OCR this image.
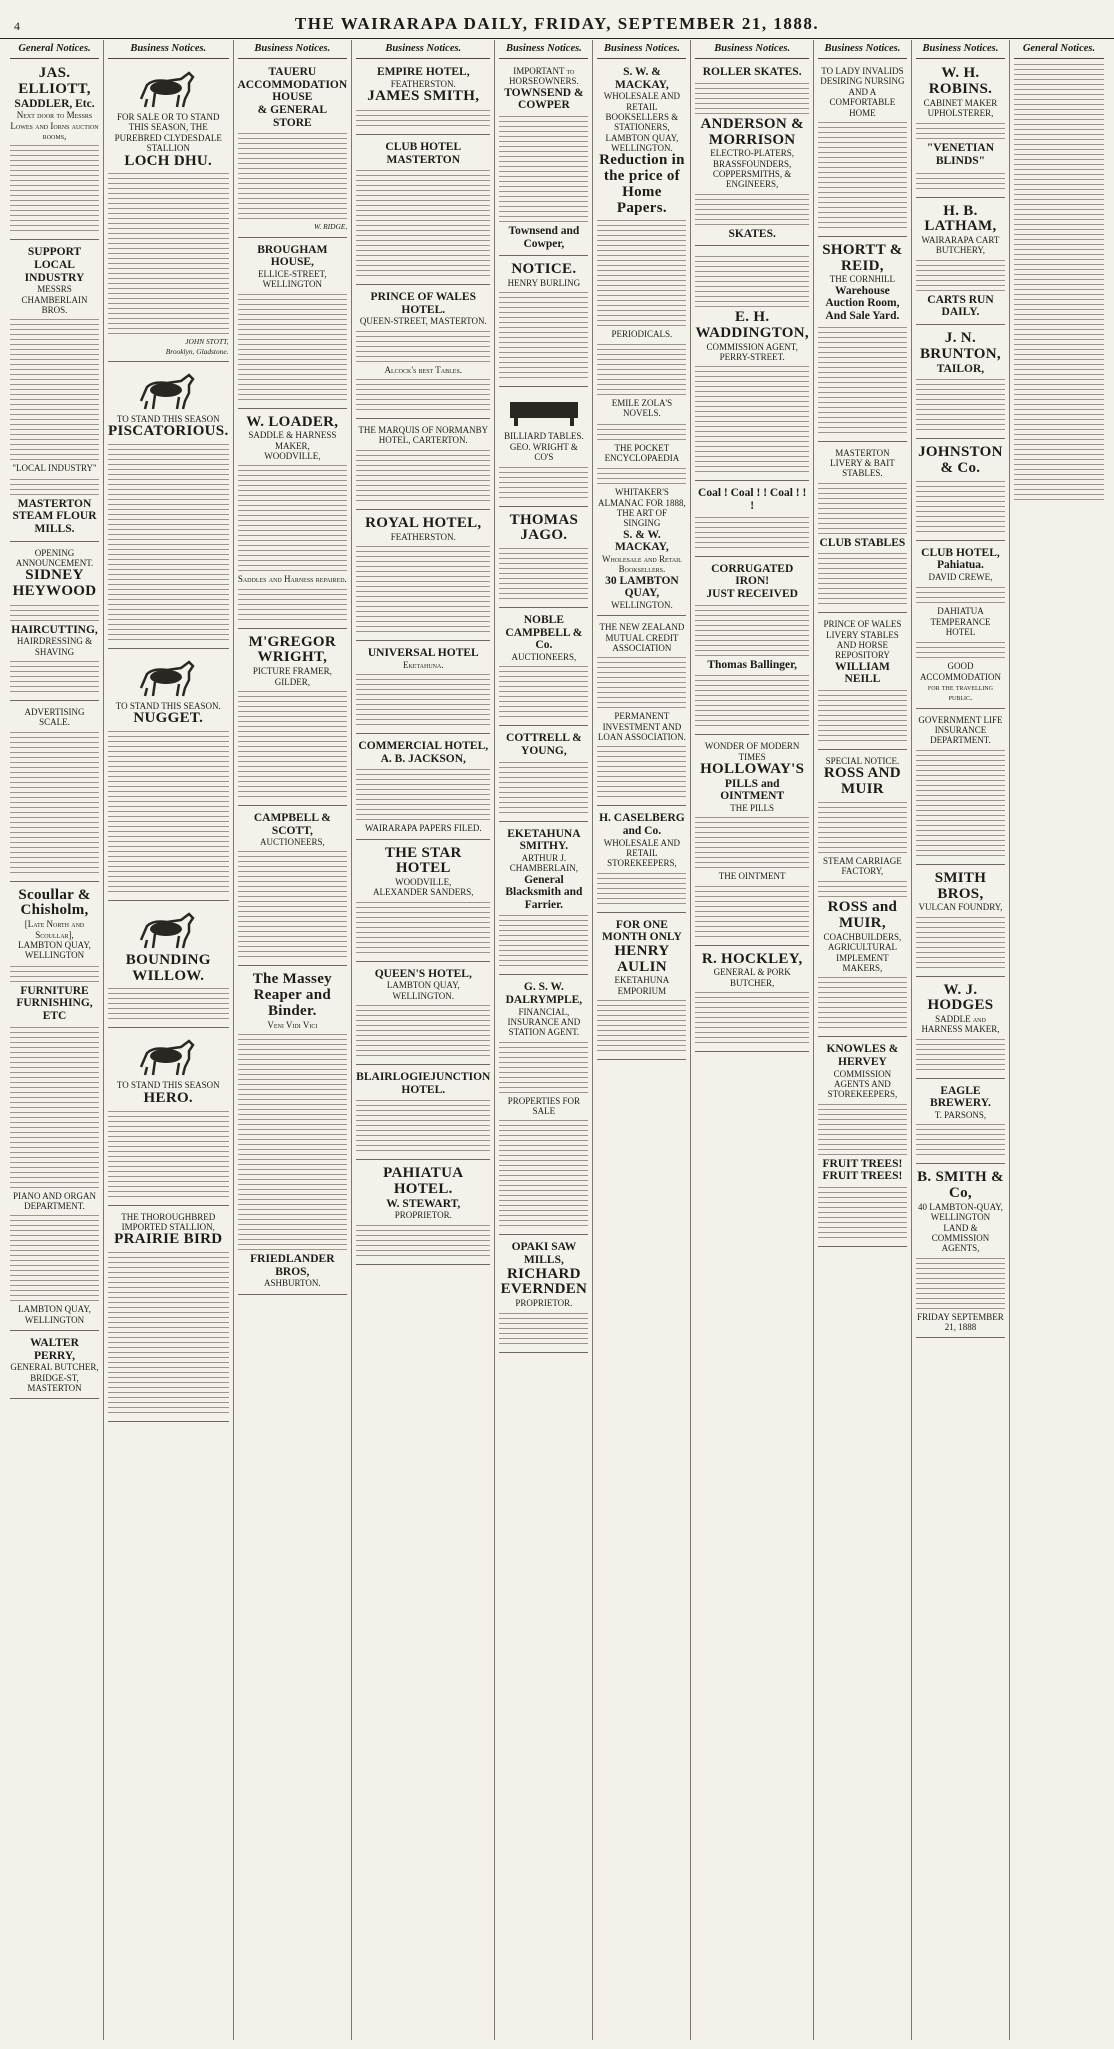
4	THE WAIRARAPA DAILY, FRIDAY, SEPTEMBER 21, 1888.
General Notices.
JAS. ELLIOTT,
SADDLER, Etc.
Next door to Messrs Lowes and Iorns auction rooms,
SUPPORT LOCAL INDUSTRY
MESSRS CHAMBERLAIN BROS.
"LOCAL INDUSTRY"
MASTERTON STEAM FLOUR MILLS.
OPENING ANNOUNCEMENT.
SIDNEY HEYWOOD
HAIRCUTTING,
HAIRDRESSING & SHAVING
ADVERTISING SCALE.
Scoullar & Chisholm,
[Late North and Scoullar],
LAMBTON QUAY, WELLINGTON
FURNITURE FURNISHING, ETC
PIANO AND ORGAN DEPARTMENT.
LAMBTON QUAY, WELLINGTON
WALTER PERRY,
GENERAL BUTCHER,
BRIDGE-ST, MASTERTON
Business Notices.
FOR SALE OR TO STAND THIS SEASON, THE PUREBRED CLYDESDALE STALLION
LOCH DHU.
JOHN STOTT,
Brooklyn, Gladstone.
TO STAND THIS SEASON
PISCATORIOUS.
TO STAND THIS SEASON.
NUGGET.
BOUNDING WILLOW.
TO STAND THIS SEASON
HERO.
THE THOROUGHBRED IMPORTED STALLION,
PRAIRIE BIRD
Business Notices.
TAUERU ACCOMMODATION HOUSE
& GENERAL STORE
W. RIDGE,
BROUGHAM HOUSE,
ELLICE-STREET, WELLINGTON
W. LOADER,
SADDLE & HARNESS MAKER,
WOODVILLE,
Saddles and Harness repaired.
M'GREGOR WRIGHT,
PICTURE FRAMER, GILDER,
CAMPBELL & SCOTT,
AUCTIONEERS,
The Massey Reaper and Binder.
Veni Vidi Vici
FRIEDLANDER BROS,
ASHBURTON.
Business Notices.
EMPIRE HOTEL,
FEATHERSTON.
JAMES SMITH,
CLUB HOTEL MASTERTON
PRINCE OF WALES HOTEL.
QUEEN-STREET, MASTERTON.
Alcock's best Tables.
THE MARQUIS OF NORMANBY HOTEL, CARTERTON.
ROYAL HOTEL,
FEATHERSTON.
UNIVERSAL HOTEL
Eketahuna.
COMMERCIAL HOTEL,
A. B. JACKSON,
WAIRARAPA PAPERS FILED.
THE STAR HOTEL
WOODVILLE,
ALEXANDER SANDERS,
QUEEN'S HOTEL,
LAMBTON QUAY, WELLINGTON.
BLAIRLOGIEJUNCTION HOTEL.
PAHIATUA HOTEL.
W. STEWART,
PROPRIETOR.
Business Notices.
IMPORTANT to HORSEOWNERS.
TOWNSEND & COWPER
Townsend and Cowper,
NOTICE.
HENRY BURLING
BILLIARD TABLES.
GEO. WRIGHT & CO'S
THOMAS JAGO.
NOBLE CAMPBELL & Co.
AUCTIONEERS,
COTTRELL & YOUNG,
EKETAHUNA SMITHY.
ARTHUR J. CHAMBERLAIN,
General Blacksmith and Farrier.
G. S. W. DALRYMPLE,
FINANCIAL, INSURANCE AND STATION AGENT.
PROPERTIES FOR SALE
OPAKI SAW MILLS,
RICHARD EVERNDEN
PROPRIETOR.
Business Notices.
S. W. & MACKAY,
WHOLESALE AND RETAIL BOOKSELLERS & STATIONERS,
LAMBTON QUAY, WELLINGTON.
Reduction in the price of Home Papers.
PERIODICALS.
EMILE ZOLA'S NOVELS.
THE POCKET ENCYCLOPAEDIA
WHITAKER'S ALMANAC FOR 1888,
THE ART OF SINGING
S. & W. MACKAY,
Wholesale and Retail Booksellers.
30 LAMBTON QUAY,
WELLINGTON.
THE NEW ZEALAND MUTUAL CREDIT ASSOCIATION
PERMANENT INVESTMENT AND LOAN ASSOCIATION.
H. CASELBERG and Co.
WHOLESALE AND RETAIL STOREKEEPERS,
FOR ONE MONTH ONLY
HENRY AULIN
EKETAHUNA EMPORIUM
Business Notices.
ROLLER SKATES.
ANDERSON &
MORRISON
ELECTRO-PLATERS, BRASSFOUNDERS, COPPERSMITHS, & ENGINEERS,
SKATES.
E. H. WADDINGTON,
COMMISSION AGENT,
PERRY-STREET.
Coal ! Coal ! ! Coal ! ! !
CORRUGATED IRON!
JUST RECEIVED
Thomas Ballinger,
WONDER OF MODERN TIMES
HOLLOWAY'S
PILLS and OINTMENT
THE PILLS
THE OINTMENT
R. HOCKLEY,
GENERAL & PORK BUTCHER,
Business Notices.
TO LADY INVALIDS DESIRING NURSING AND A COMFORTABLE HOME
SHORTT & REID,
THE CORNHILL
Warehouse Auction Room,
And Sale Yard.
MASTERTON LIVERY & BAIT STABLES.
CLUB STABLES
PRINCE OF WALES LIVERY STABLES AND HORSE REPOSITORY
WILLIAM NEILL
SPECIAL NOTICE.
ROSS AND MUIR
STEAM CARRIAGE FACTORY,
ROSS and MUIR,
COACHBUILDERS, AGRICULTURAL IMPLEMENT MAKERS,
KNOWLES & HERVEY
COMMISSION AGENTS AND STOREKEEPERS,
FRUIT TREES! FRUIT TREES!
Business Notices.
W. H. ROBINS.
CABINET MAKER UPHOLSTERER,
"VENETIAN BLINDS"
H. B. LATHAM,
WAIRARAPA CART BUTCHERY,
CARTS RUN DAILY.
J. N. BRUNTON,
TAILOR,
JOHNSTON & Co.
CLUB HOTEL, Pahiatua.
DAVID CREWE,
DAHIATUA TEMPERANCE HOTEL
GOOD ACCOMMODATION for the travelling public.
GOVERNMENT LIFE INSURANCE DEPARTMENT.
SMITH BROS,
VULCAN FOUNDRY,
W. J. HODGES
SADDLE and HARNESS MAKER,
EAGLE BREWERY.
T. PARSONS,
B. SMITH & Co,
40 LAMBTON-QUAY, WELLINGTON
LAND & COMMISSION AGENTS,
FRIDAY SEPTEMBER 21, 1888
General Notices.
